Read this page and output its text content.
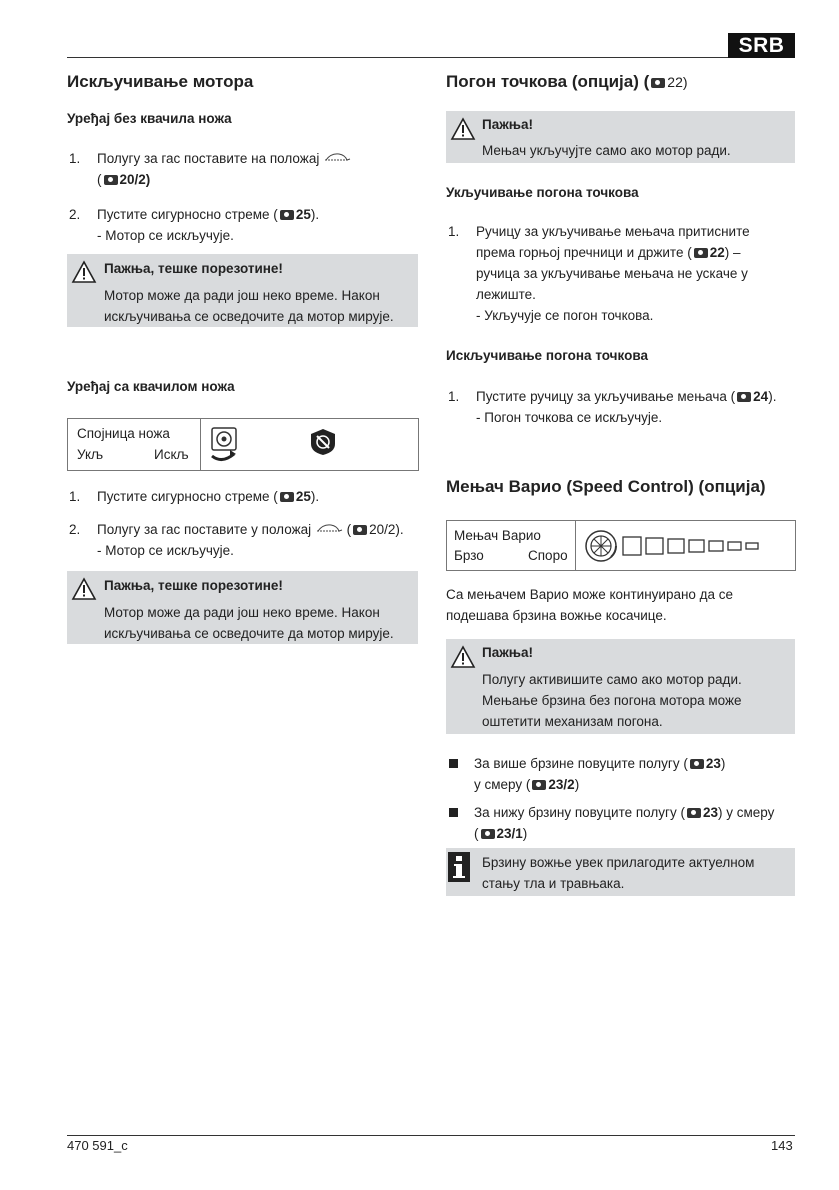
SRB
Искључивање мотора
Уређај без квачила ножа
1. Полугу за гас поставите на положај
( 20/2)
2. Пустите сигурносно стреме ( 25).
- Мотор се искључује.
Пажња, тешке порезотине!
Мотор може да ради још неко време. Након
искључивања се осведочите да мотор мирује.
Уређај са квачилом ножа
Спојница ножа
Укљ	Искљ
1. Пустите сигурносно стреме ( 25).
2. Полугу за гас поставите у положај  ( 20/2).
- Мотор се искључује.
Пажња, тешке порезотине!
Мотор може да ради још неко време. Након
искључивања се осведочите да мотор мирује.
Погон точкова (опција) ( 22)
Пажња!
Мењач укључујте само ако мотор ради.
Укључивање погона точкова
1. Ручицу за укључивање мењача притисните
према горњој пречници и држите ( 22) –
ручица за укључивање мењача не ускаче у
лежиште.
- Укључује се погон точкова.
Искључивање погона точкова
1. Пустите ручицу за укључивање мењача ( 24).
- Погон точкова се искључује.
Мењач Варио (Speed Control) (опција)
Мењач Варио
Брзо	Споро
Са мењачем Варио може континуирано да се
подешава брзина вожње косачице.
Пажња!
Полугу активишите само ако мотор ради.
Мењање брзина без погона мотора може
оштетити механизам погона.
За више брзине повуците полугу ( 23)
у смеру ( 23/2)
За нижу брзину повуците полугу ( 23) у смеру
( 23/1)
Брзину вожње увек прилагодите актуелном
стању тла и травњака.
470 591_c	143
